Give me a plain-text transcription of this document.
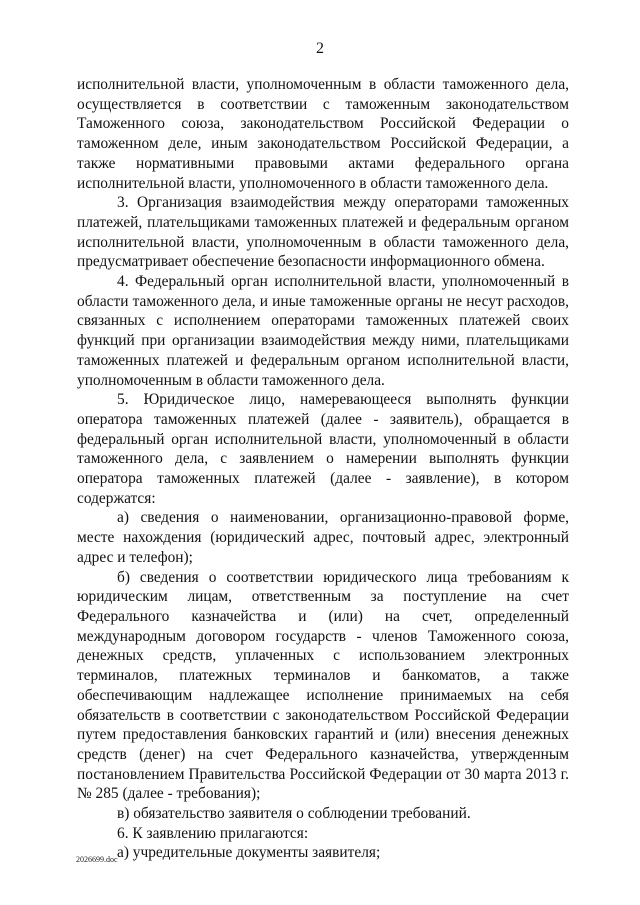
2

исполнительной власти, уполномоченным в области таможенного дела, осуществляется в соответствии с таможенным законодательством Таможенного союза, законодательством Российской Федерации о таможенном деле, иным законодательством Российской Федерации, а также нормативными правовыми актами федерального органа исполнительной власти, уполномоченного в области таможенного дела.

3. Организация взаимодействия между операторами таможенных платежей, плательщиками таможенных платежей и федеральным органом исполнительной власти, уполномоченным в области таможенного дела, предусматривает обеспечение безопасности информационного обмена.

4. Федеральный орган исполнительной власти, уполномоченный в области таможенного дела, и иные таможенные органы не несут расходов, связанных с исполнением операторами таможенных платежей своих функций при организации взаимодействия между ними, плательщиками таможенных платежей и федеральным органом исполнительной власти, уполномоченным в области таможенного дела.

5. Юридическое лицо, намеревающееся выполнять функции оператора таможенных платежей (далее - заявитель), обращается в федеральный орган исполнительной власти, уполномоченный в области таможенного дела, с заявлением о намерении выполнять функции оператора таможенных платежей (далее - заявление), в котором содержатся:

а) сведения о наименовании, организационно-правовой форме, месте нахождения (юридический адрес, почтовый адрес, электронный адрес и телефон);

б) сведения о соответствии юридического лица требованиям к юридическим лицам, ответственным за поступление на счет Федерального казначейства и (или) на счет, определенный международным договором государств - членов Таможенного союза, денежных средств, уплаченных с использованием электронных терминалов, платежных терминалов и банкоматов, а также обеспечивающим надлежащее исполнение принимаемых на себя обязательств в соответствии с законодательством Российской Федерации путем предоставления банковских гарантий и (или) внесения денежных средств (денег) на счет Федерального казначейства, утвержденным постановлением Правительства Российской Федерации от 30 марта 2013 г. № 285 (далее - требования);

в) обязательство заявителя о соблюдении требований.

6. К заявлению прилагаются:

а) учредительные документы заявителя;

2026699.doc
